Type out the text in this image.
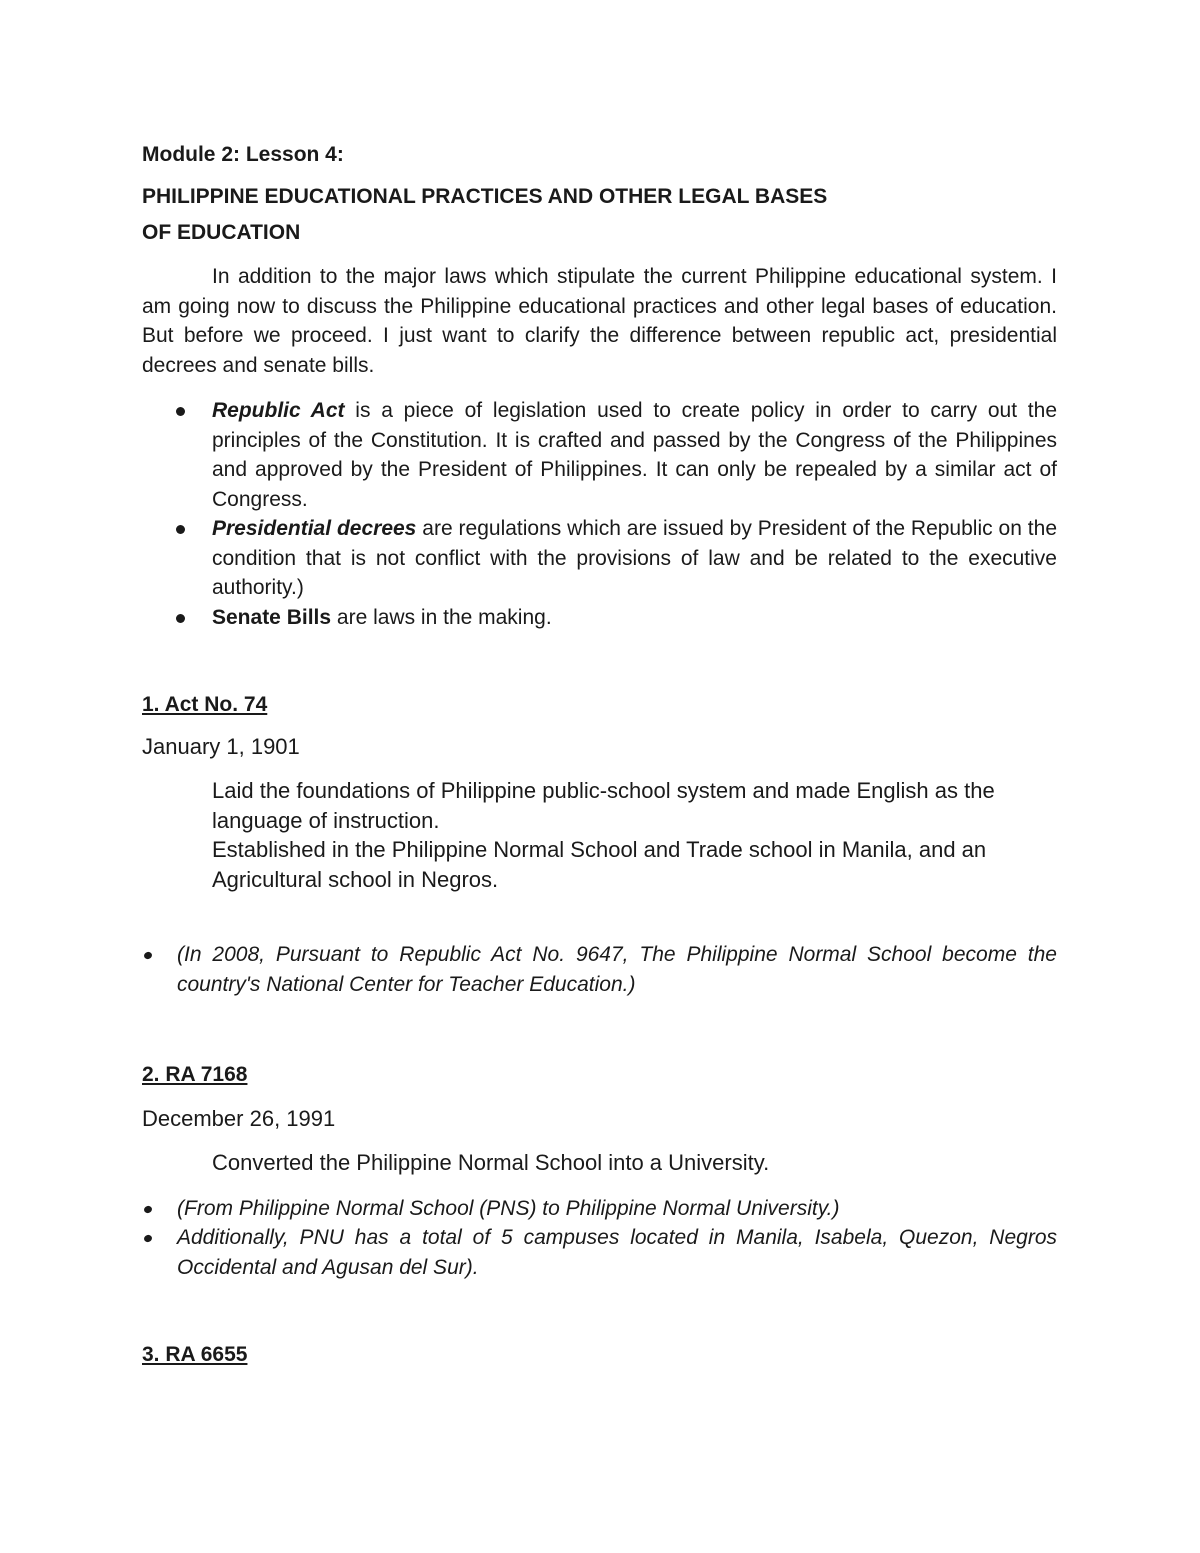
Module 2: Lesson 4:

PHILIPPINE EDUCATIONAL PRACTICES AND OTHER LEGAL BASES

OF EDUCATION

In addition to the major laws which stipulate the current Philippine educational system. I am going now to discuss the Philippine educational practices and other legal bases of education. But before we proceed. I just want to clarify the difference between republic act, presidential decrees and senate bills.

Republic Act is a piece of legislation used to create policy in order to carry out the principles of the Constitution. It is crafted and passed by the Congress of the Philippines and approved by the President of Philippines. It can only be repealed by a similar act of Congress.
Presidential decrees are regulations which are issued by President of the Republic on the condition that is not conflict with the provisions of law and be related to the executive authority.)
Senate Bills are laws in the making.

1. Act No. 74

January 1, 1901

Laid the foundations of Philippine public-school system and made English as the language of instruction.

Established in the Philippine Normal School and Trade school in Manila, and an Agricultural school in Negros.

(In 2008, Pursuant to Republic Act No. 9647, The Philippine Normal School become the country's National Center for Teacher Education.)

2. RA 7168

December 26, 1991

Converted the Philippine Normal School into a University.

(From Philippine Normal School (PNS) to Philippine Normal University.)
Additionally, PNU has a total of 5 campuses located in Manila, Isabela, Quezon, Negros Occidental and Agusan del Sur).

3. RA 6655
